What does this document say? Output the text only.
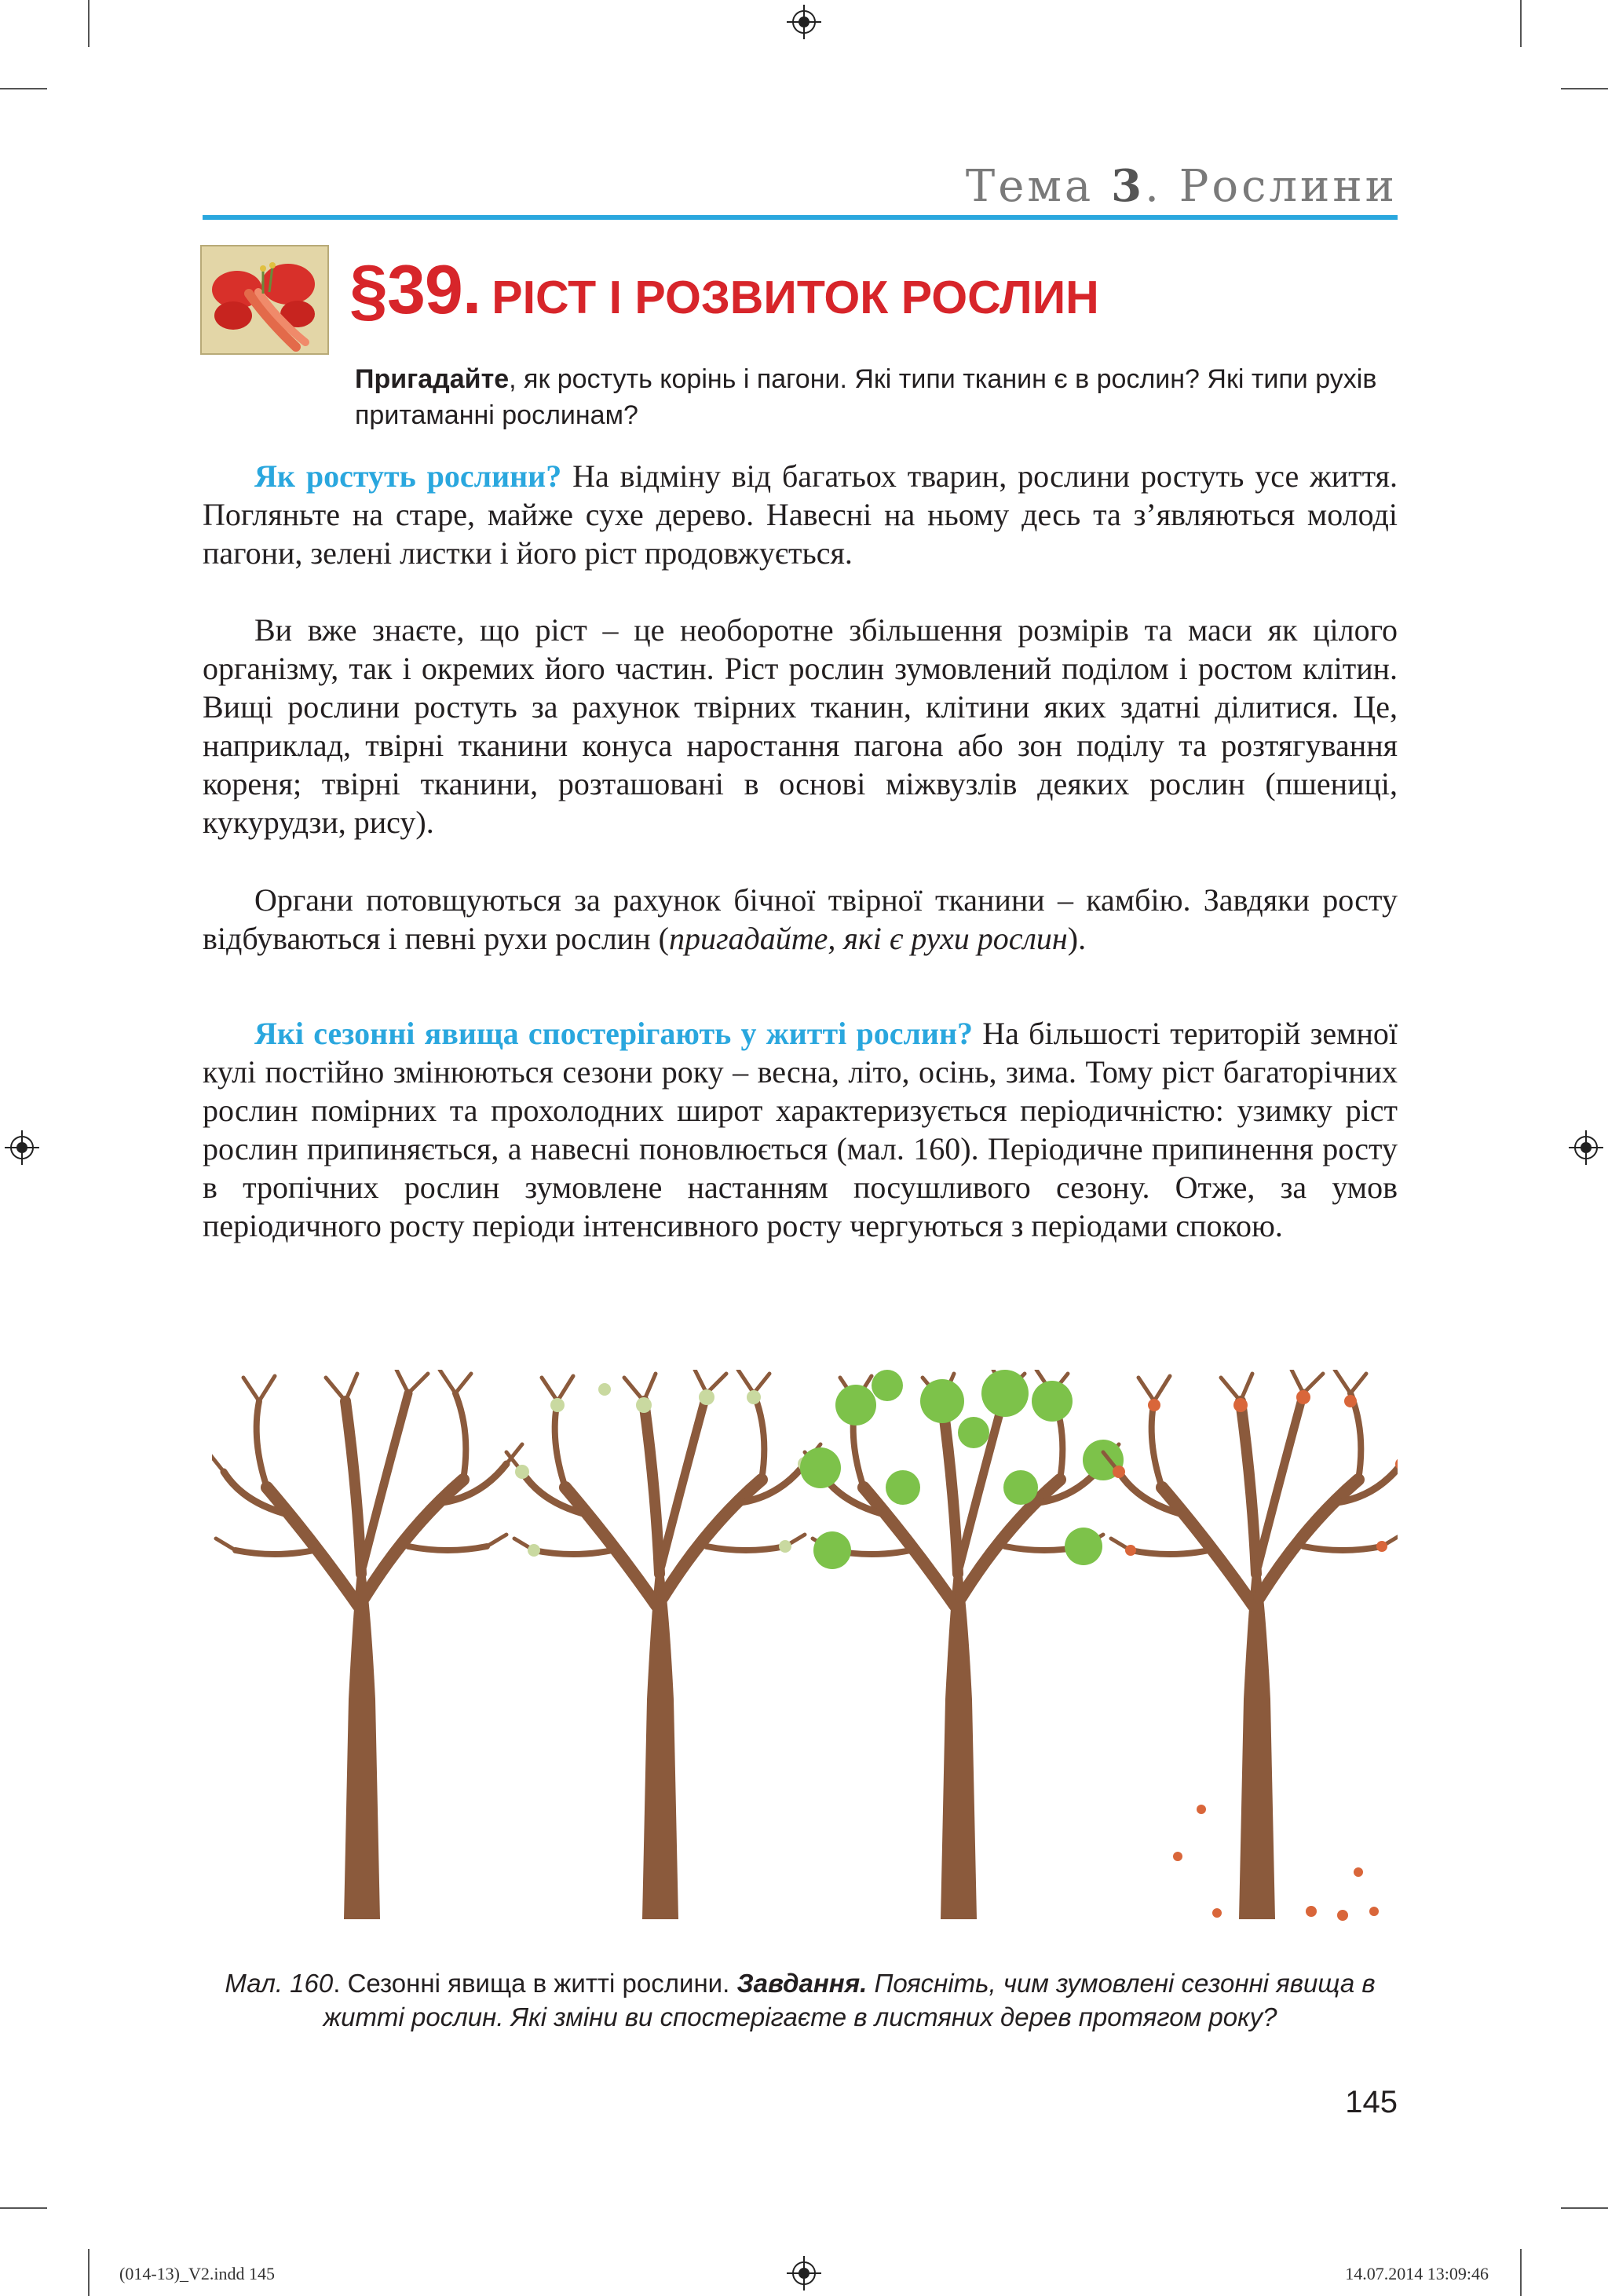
Тема 3. Рослини
§39. РІСТ І РОЗВИТОК РОСЛИН
Пригадайте, як ростуть корінь і пагони. Які типи тканин є в рослин? Які типи рухів притаманні рослинам?

Як ростуть рослини? На відміну від багатьох тварин, рослини ростуть усе життя. Погляньте на старе, майже сухе дерево. Навесні на ньому десь та з’являються молоді пагони, зелені листки і його ріст продовжується.

Ви вже знаєте, що ріст – це необоротне збільшення розмірів та маси як цілого організму, так і окремих його частин. Ріст рослин зумовлений поділом і ростом клітин. Вищі рослини ростуть за рахунок твірних тканин, клітини яких здатні ділитися. Це, наприклад, твірні тканини конуса наростання пагона або зон поділу та розтягування кореня; твірні тканини, розташовані в основі міжвузлів деяких рослин (пшениці, кукурудзи, рису).

Органи потовщуються за рахунок бічної твірної тканини – камбію. Завдяки росту відбуваються і певні рухи рослин (пригадайте, які є рухи рослин).

Які сезонні явища спостерігають у житті рослин? На більшості територій земної кулі постійно змінюються сезони року – весна, літо, осінь, зима. Тому ріст багаторічних рослин помірних та прохолодних широт характеризується періодичністю: узимку ріст рослин припиняється, а навесні поновлюється (мал. 160). Періодичне припинення росту в тропічних рослин зумовлене настанням посушливого сезону. Отже, за умов періодичного росту періоди інтенсивного росту чергуються з періодами спокою.

Мал. 160. Сезонні явища в житті рослини. Завдання. Поясніть, чим зумовлені сезонні явища в житті рослин. Які зміни ви спостерігаєте в листяних дерев протягом року?
145
(014-13)_V2.indd 145	14.07.2014 13:09:46
